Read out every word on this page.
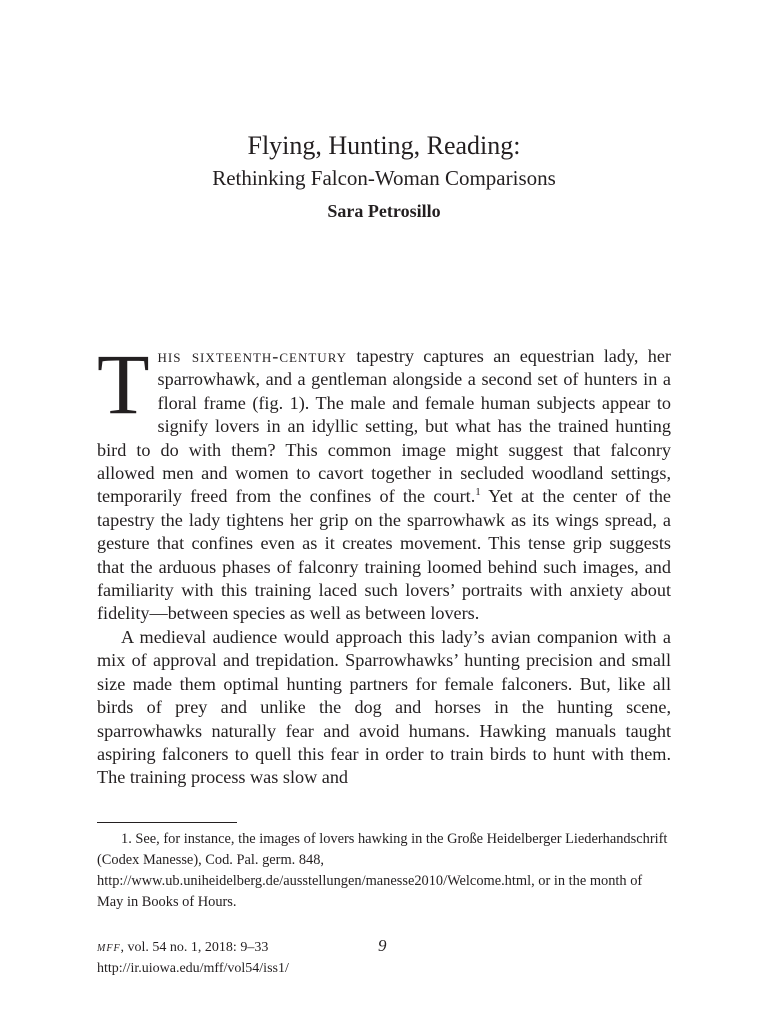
Flying, Hunting, Reading:
Rethinking Falcon-Woman Comparisons
Sara Petrosillo

This sixteenth-century tapestry captures an equestrian lady, her sparrowhawk, and a gentleman alongside a second set of hunters in a floral frame (fig. 1). The male and female human subjects appear to signify lovers in an idyllic setting, but what has the trained hunting bird to do with them? This common image might suggest that falconry allowed men and women to cavort together in secluded woodland settings, temporarily freed from the confines of the court.$^1$ Yet at the center of the tapestry the lady tightens her grip on the sparrowhawk as its wings spread, a gesture that confines even as it creates movement. This tense grip suggests that the arduous phases of falconry training loomed behind such images, and familiarity with this training laced such lovers’ portraits with anxiety about fidelity—between species as well as between lovers.

A medieval audience would approach this lady’s avian companion with a mix of approval and trepidation. Sparrowhawks’ hunting precision and small size made them optimal hunting partners for female falconers. But, like all birds of prey and unlike the dog and horses in the hunting scene, sparrowhawks naturally fear and avoid humans. Hawking manuals taught aspiring falconers to quell this fear in order to train birds to hunt with them. The training process was slow and

1. See, for instance, the images of lovers hawking in the Große Heidelberger Liederhandschrift (Codex Manesse), Cod. Pal. germ. 848, http://www.ub.uniheidelberg.de/ausstellungen/manesse2010/Welcome.html, or in the month of May in Books of Hours.

mff, vol. 54 no. 1, 2018: 9–33
http://ir.uiowa.edu/mff/vol54/iss1/
9
